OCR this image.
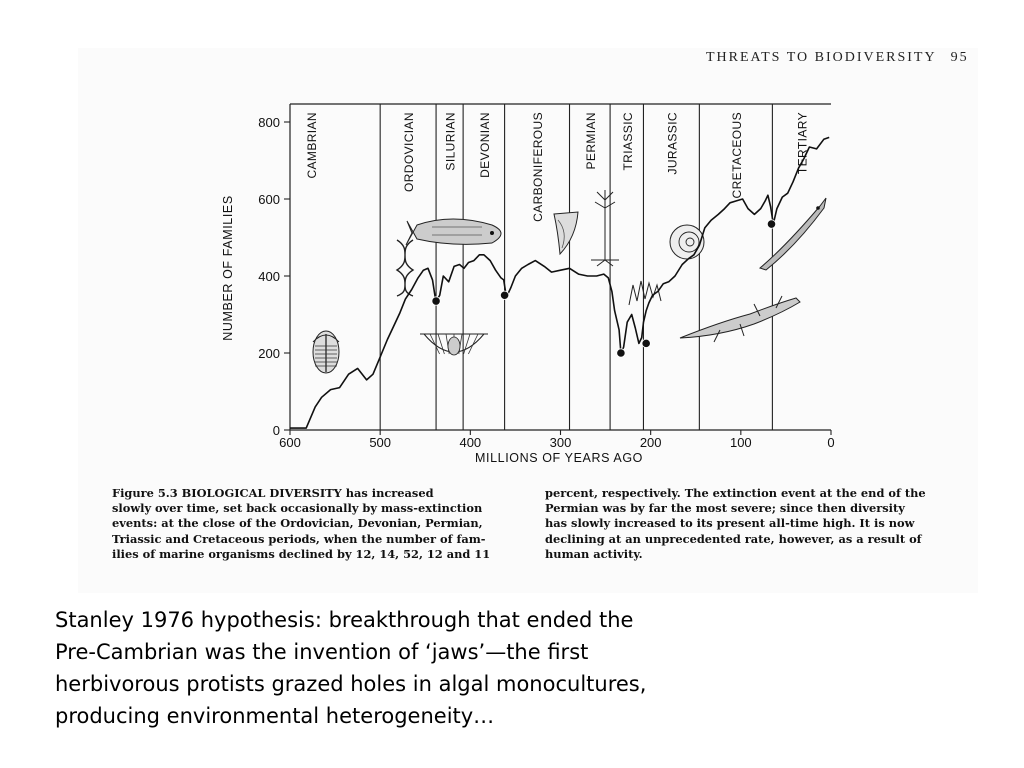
THREATS TO BIODIVERSITY 95
CAMBRIAN	ORDOVICIAN SILURIAN DEVONIAN	CARBONIFEROUS	PERMIAN TRIASSIC	JURASSIC	CRETACEOUS	TERTIARY
0
200
400
600
800
600	500	400	300	200	100	0
NUMBER OF FAMILIES
MILLIONS OF YEARS AGO
Figure 5.3 BIOLOGICAL DIVERSITY has increased
slowly over time, set back occasionally by mass-extinction
events: at the close of the Ordovician, Devonian, Permian,
Triassic and Cretaceous periods, when the number of fam-
ilies of marine organisms declined by 12, 14, 52, 12 and 11
percent, respectively. The extinction event at the end of the
Permian was by far the most severe; since then diversity
has slowly increased to its present all-time high. It is now
declining at an unprecedented rate, however, as a result of
human activity.
Stanley 1976 hypothesis: breakthrough that ended the
Pre-Cambrian was the invention of ‘jaws’—the first
herbivorous protists grazed holes in algal monocultures,
producing environmental heterogeneity…
